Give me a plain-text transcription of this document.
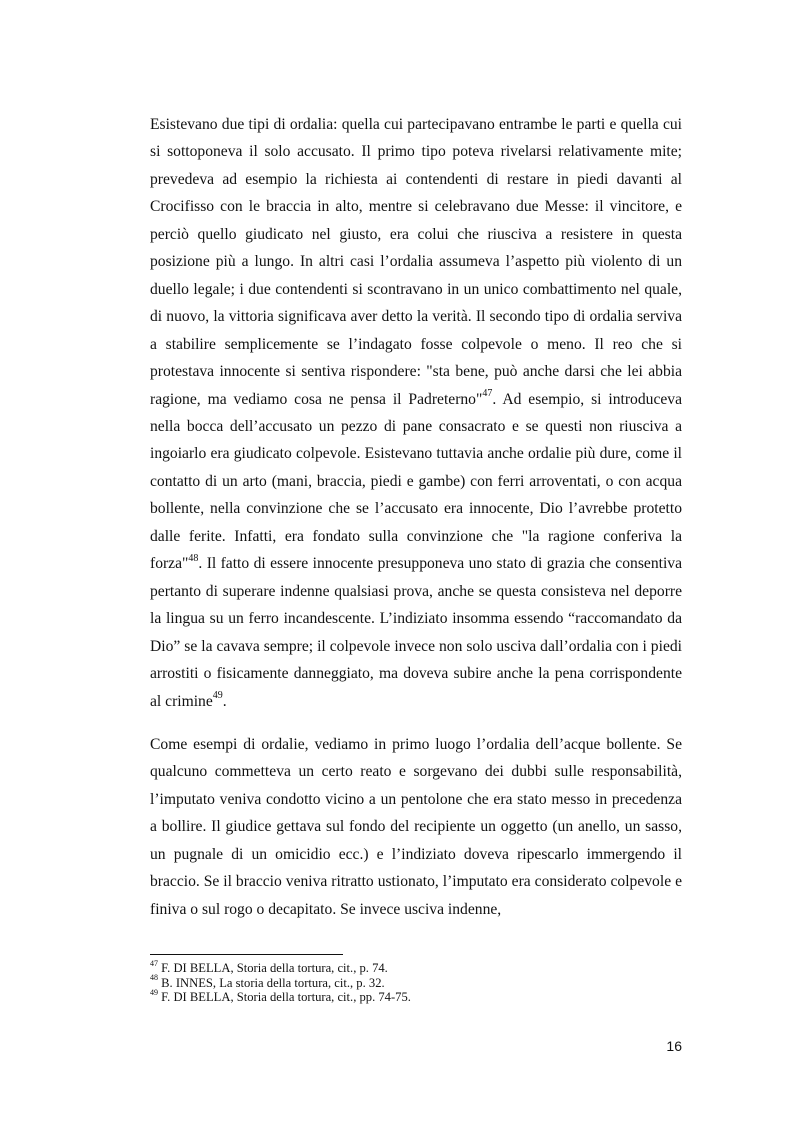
Esistevano due tipi di ordalia: quella cui partecipavano entrambe le parti e quella cui si sottoponeva il solo accusato. Il primo tipo poteva rivelarsi relativamente mite; prevedeva ad esempio la richiesta ai contendenti di restare in piedi davanti al Crocifisso con le braccia in alto, mentre si celebravano due Messe: il vincitore, e perciò quello giudicato nel giusto, era colui che riusciva a resistere in questa posizione più a lungo. In altri casi l’ordalia assumeva l’aspetto più violento di un duello legale; i due contendenti si scontravano in un unico combattimento nel quale, di nuovo, la vittoria significava aver detto la verità. Il secondo tipo di ordalia serviva a stabilire semplicemente se l’indagato fosse colpevole o meno. Il reo che si protestava innocente si sentiva rispondere: "sta bene, può anche darsi che lei abbia ragione, ma vediamo cosa ne pensa il Padreterno"$^{47}$. Ad esempio, si introduceva nella bocca dell’accusato un pezzo di pane consacrato e se questi non riusciva a ingoiarlo era giudicato colpevole. Esistevano tuttavia anche ordalie più dure, come il contatto di un arto (mani, braccia, piedi e gambe) con ferri arroventati, o con acqua bollente, nella convinzione che se l’accusato era innocente, Dio l’avrebbe protetto dalle ferite. Infatti, era fondato sulla convinzione che "la ragione conferiva la forza"$^{48}$. Il fatto di essere innocente presupponeva uno stato di grazia che consentiva pertanto di superare indenne qualsiasi prova, anche se questa consisteva nel deporre la lingua su un ferro incandescente. L’indiziato insomma essendo “raccomandato da Dio” se la cavava sempre; il colpevole invece non solo usciva dall’ordalia con i piedi arrostiti o fisicamente danneggiato, ma doveva subire anche la pena corrispondente al crimine$^{49}$.

Come esempi di ordalie, vediamo in primo luogo l’ordalia dell’acque bollente. Se qualcuno commetteva un certo reato e sorgevano dei dubbi sulle responsabilità, l’imputato veniva condotto vicino a un pentolone che era stato messo in precedenza a bollire. Il giudice gettava sul fondo del recipiente un oggetto (un anello, un sasso, un pugnale di un omicidio ecc.) e l’indiziato doveva ripescarlo immergendo il braccio. Se il braccio veniva ritratto ustionato, l’imputato era considerato colpevole e finiva o sul rogo o decapitato. Se invece usciva indenne,

$^{47}$ F. DI BELLA, Storia della tortura, cit., p. 74.
$^{48}$ B. INNES, La storia della tortura, cit., p. 32.
$^{49}$ F. DI BELLA, Storia della tortura, cit., pp. 74-75.
16
